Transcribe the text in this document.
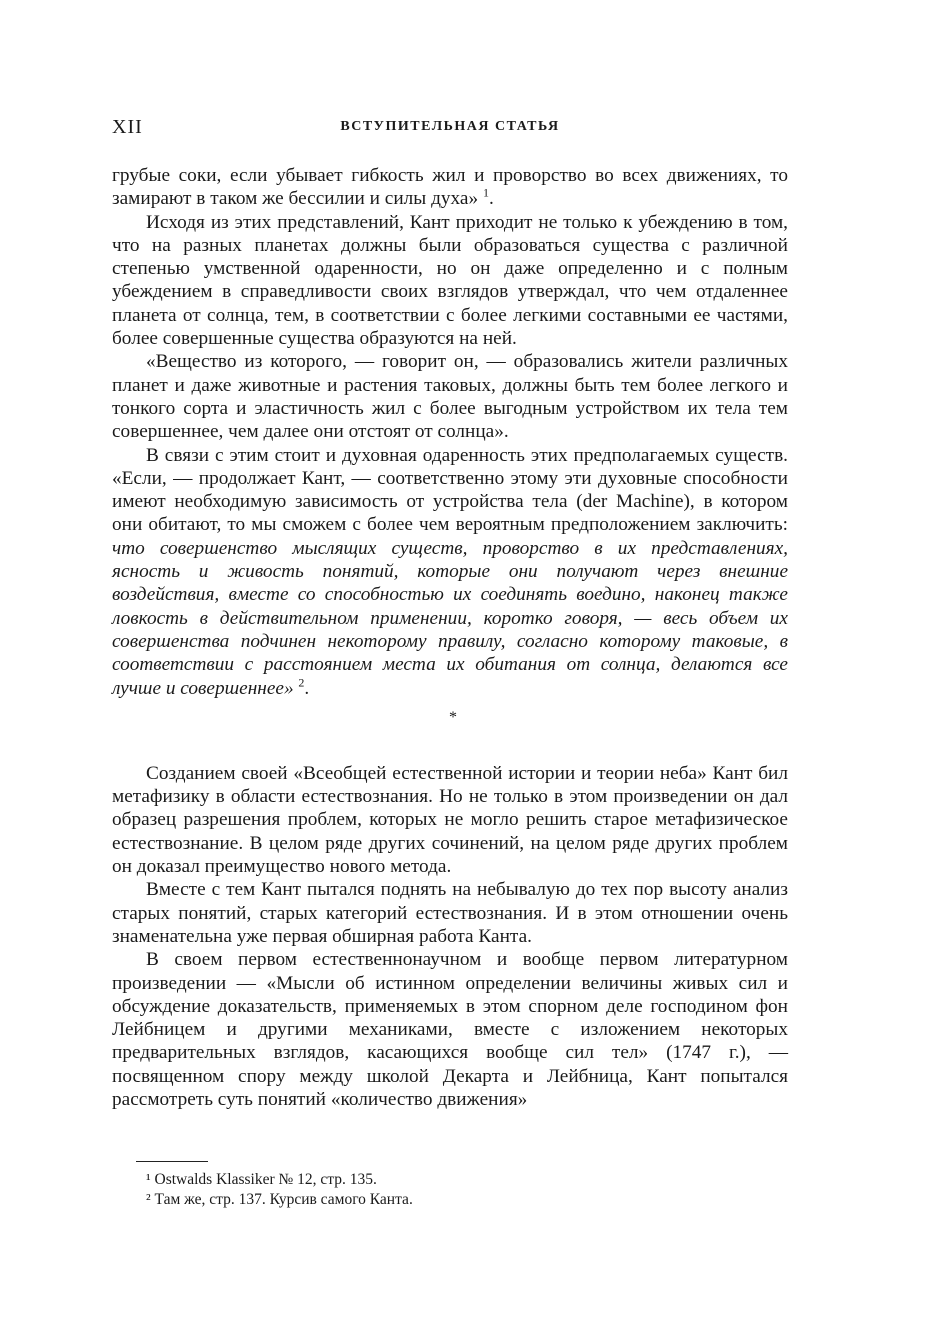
XII	ВСТУПИТЕЛЬНАЯ СТАТЬЯ

грубые соки, если убывает гибкость жил и проворство во всех движениях, то замирают в таком же бессилии и силы духа» $^1$.

Исходя из этих представлений, Кант приходит не только к убеждению в том, что на разных планетах должны были образоваться существа с различной степенью умственной одаренности, но он даже определенно и с полным убеждением в справедливости своих взглядов утверждал, что чем отдаленнее планета от солнца, тем, в соответствии с более легкими составными ее частями, более совершенные существа образуются на ней.

«Вещество из которого, — говорит он, — образовались жители различных планет и даже животные и растения таковых, должны быть тем более легкого и тонкого сорта и эластичность жил с более выгодным устройством их тела тем совершеннее, чем далее они отстоят от солнца».

В связи с этим стоит и духовная одаренность этих предполагаемых существ. «Если, — продолжает Кант, — соответственно этому эти духовные способности имеют необходимую зависимость от устройства тела (der Machine), в котором они обитают, то мы сможем с более чем вероятным предположением заключить: что совершенство мыслящих существ, проворство в их представлениях, ясность и живость понятий, которые они получают через внешние воздействия, вместе со способностью их соединять воедино, наконец также ловкость в действительном применении, коротко говоря, — весь объем их совершенства подчинен некоторому правилу, согласно которому таковые, в соответствии с расстоянием места их обитания от солнца, делаются все лучше и совершеннее» $^2$.

*

Созданием своей «Всеобщей естественной истории и теории неба» Кант бил метафизику в области естествознания. Но не только в этом произведении он дал образец разрешения проблем, которых не могло решить старое метафизическое естествознание. В целом ряде других сочинений, на целом ряде других проблем он доказал преимущество нового метода.

Вместе с тем Кант пытался поднять на небывалую до тех пор высоту анализ старых понятий, старых категорий естествознания. И в этом отношении очень знаменательна уже первая обширная работа Канта.

В своем первом естественнонаучном и вообще первом литературном произведении — «Мысли об истинном определении величины живых сил и обсуждение доказательств, применяемых в этом спорном деле господином фон Лейбницем и другими механиками, вместе с изложением некоторых предварительных взглядов, касающихся вообще сил тел» (1747 г.), — посвященном спору между школой Декарта и Лейбница, Кант попытался рассмотреть суть понятий «количество движения»

¹ Ostwalds Klassiker № 12, стр. 135.

² Там же, стр. 137. Курсив самого Канта.
